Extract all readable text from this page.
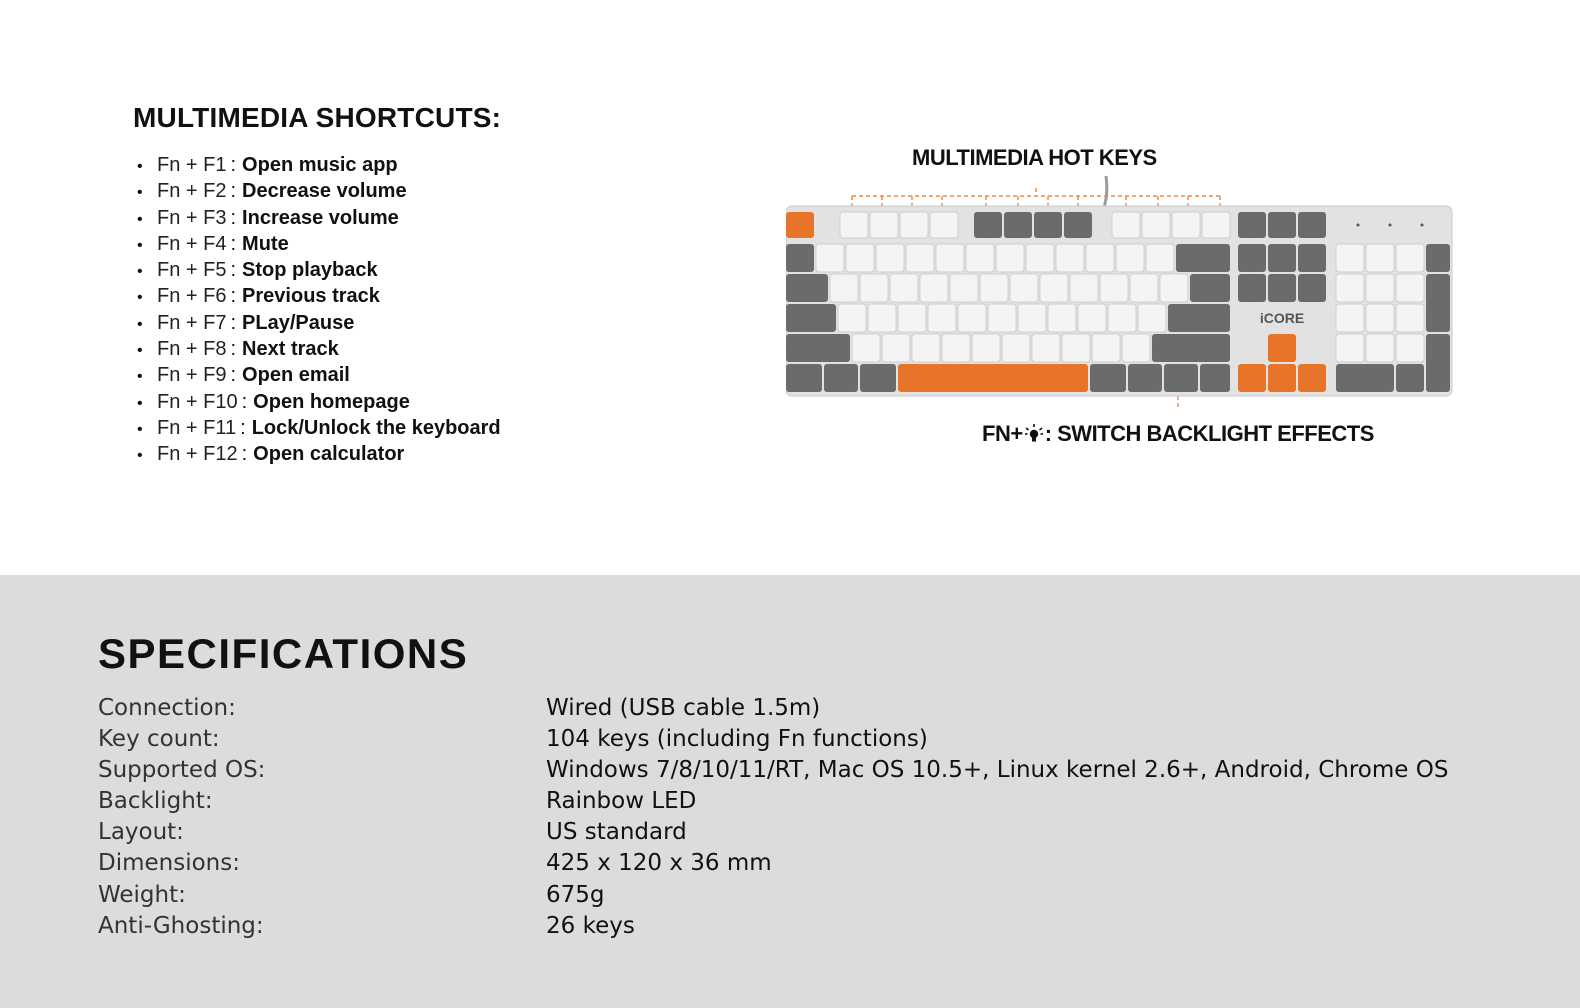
MULTIMEDIA SHORTCUTS:
• Fn + F1 : Open music app
• Fn + F2 : Decrease volume
• Fn + F3 : Increase volume
• Fn + F4 : Mute
• Fn + F5 : Stop playback
• Fn + F6 : Previous track
• Fn + F7 : PLay/Pause
• Fn + F8 : Next track
• Fn + F9 : Open email
• Fn + F10 : Open homepage
• Fn + F11 : Lock/Unlock the keyboard
• Fn + F12 : Open calculator
MULTIMEDIA HOT KEYS
iCORE
FN+ : SWITCH BACKLIGHT EFFECTS
SPECIFICATIONS
Connection:	Wired (USB cable 1.5m)
Key count:	104 keys (including Fn functions)
Supported OS:	Windows 7/8/10/11/RT, Mac OS 10.5+, Linux kernel 2.6+, Android, Chrome OS
Backlight:	Rainbow LED
Layout:	US standard
Dimensions:	425 x 120 x 36 mm
Weight:	675g
Anti-Ghosting:	26 keys
